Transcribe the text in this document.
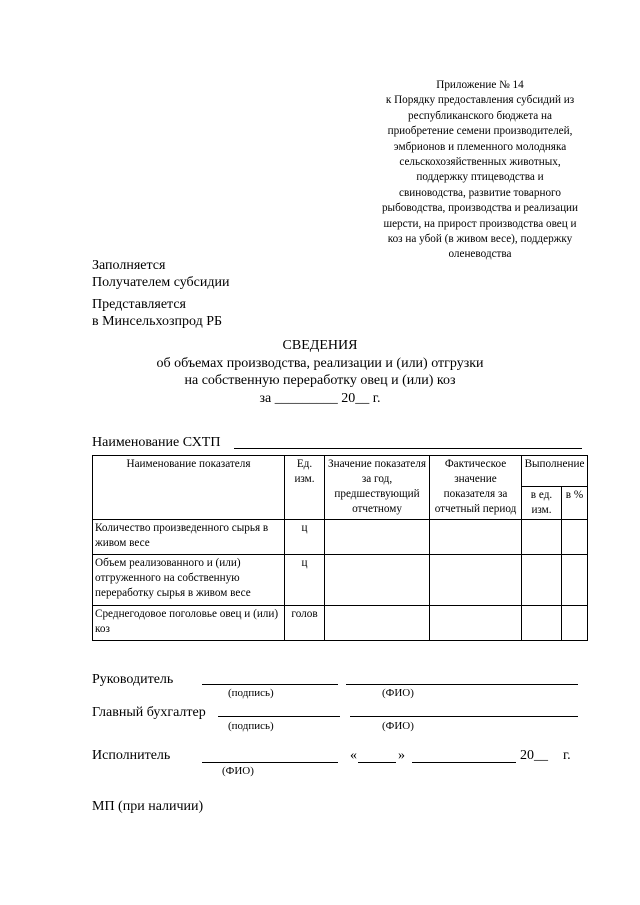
Приложение № 14
к Порядку предоставления субсидий из
республиканского бюджета на
приобретение семени производителей,
эмбрионов и племенного молодняка
сельскохозяйственных животных,
поддержку птицеводства и
свиноводства, развитие товарного
рыбоводства, производства и реализации
шерсти, на прирост производства овец и
коз на убой (в живом весе), поддержку
оленеводства
Заполняется
Получателем субсидии
Представляется
в Минсельхозпрод РБ
СВЕДЕНИЯ
об объемах производства, реализации и (или) отгрузки
на собственную переработку овец и (или) коз
за _________ 20__ г.
Наименование СХТП
Наименование показателя	Ед. изм.	Значение показателя за год, предшествующий отчетному	Фактическое значение показателя за отчетный период	Выполнение	
				в ед. изм.	в %
Количество произведенного сырья в живом весе	ц				
Объем реализованного и (или) отгруженного на собственную переработку сырья в живом весе	ц				
Среднегодовое поголовье овец и (или) коз	голов				
Руководитель
(подпись)	(ФИО)
Главный бухгалтер
(подпись)	(ФИО)
Исполнитель
(ФИО)
«	»	20__ г.
МП (при наличии)
